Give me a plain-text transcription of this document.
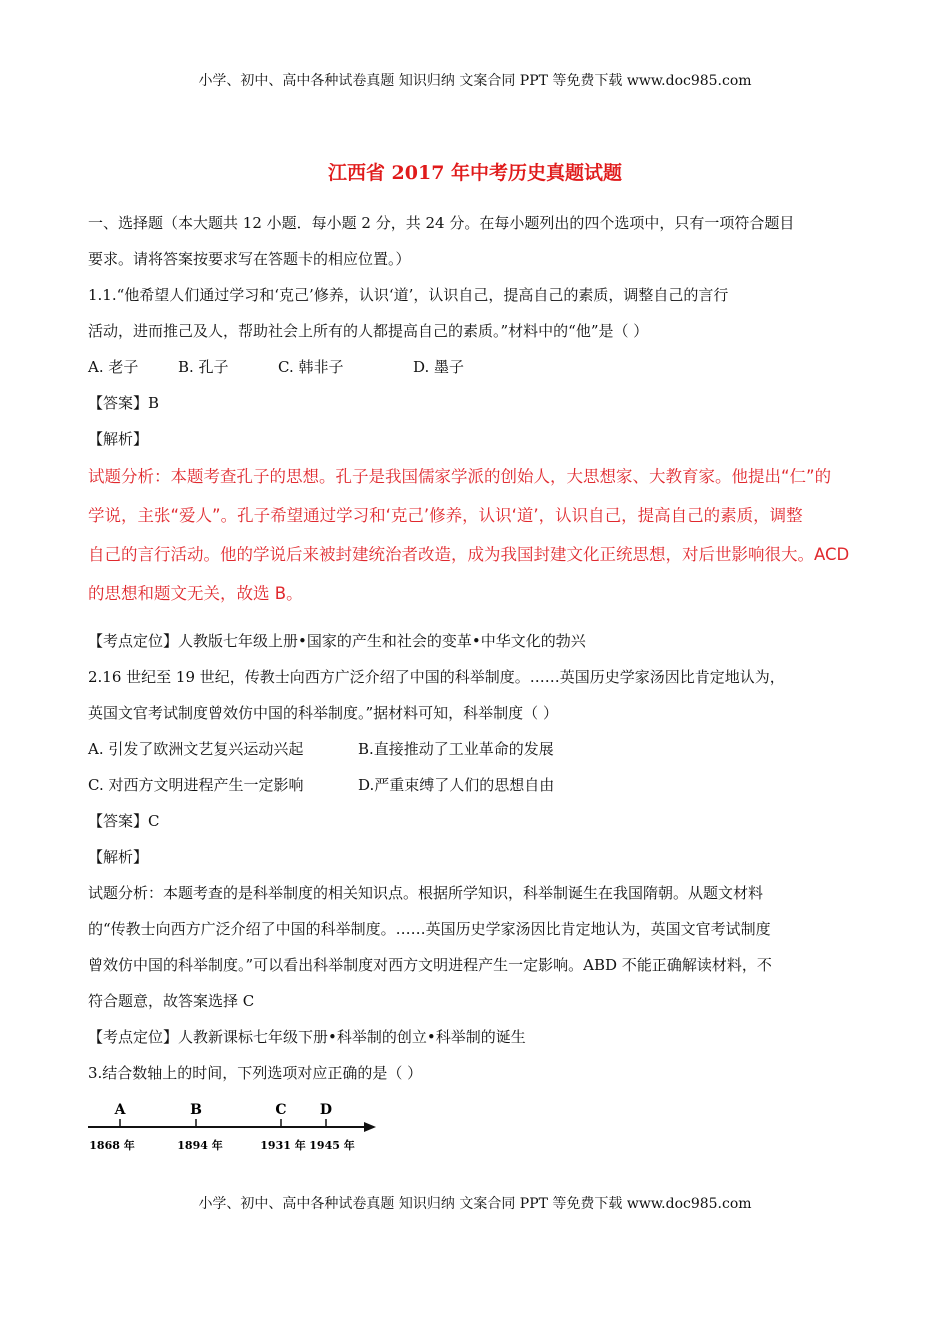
小学、初中、高中各种试卷真题 知识归纳 文案合同 PPT 等免费下载 www.doc985.com
江西省 2017 年中考历史真题试题
一、选择题（本大题共 12 小题．每小题 2 分，共 24 分。在每小题列出的四个选项中，只有一项符合题目
要求。请将答案按要求写在答题卡的相应位置。）
1.1.“他希望人们通过学习和‘克己’修养，认识‘道’，认识自己，提高自己的素质，调整自己的言行
活动，进而推己及人，帮助社会上所有的人都提高自己的素质。”材料中的“他”是（ ）
A. 老子	B. 孔子	C. 韩非子	D. 墨子
【答案】B
【解析】
试题分析：本题考查孔子的思想。孔子是我国儒家学派的创始人，大思想家、大教育家。他提出“仁”的
学说，主张“爱人”。孔子希望通过学习和‘克己’修养，认识‘道’，认识自己，提高自己的素质，调整
自己的言行活动。他的学说后来被封建统治者改造，成为我国封建文化正统思想，对后世影响很大。ACD
的思想和题文无关，故选 B。
【考点定位】人教版七年级上册•国家的产生和社会的变革•中华文化的勃兴
2.16 世纪至 19 世纪，传教士向西方广泛介绍了中国的科举制度。……英国历史学家汤因比肯定地认为，
英国文官考试制度曾效仿中国的科举制度。”据材料可知，科举制度（ ）
A. 引发了欧洲文艺复兴运动兴起	B.直接推动了工业革命的发展
C. 对西方文明进程产生一定影响	D.严重束缚了人们的思想自由
【答案】C
【解析】
试题分析：本题考查的是科举制度的相关知识点。根据所学知识，科举制诞生在我国隋朝。从题文材料
的“传教士向西方广泛介绍了中国的科举制度。……英国历史学家汤因比肯定地认为，英国文官考试制度
曾效仿中国的科举制度。”可以看出科举制度对西方文明进程产生一定影响。ABD 不能正确解读材料，不
符合题意，故答案选择 C
【考点定位】人教新课标七年级下册•科举制的创立•科举制的诞生
3.结合数轴上的时间，下列选项对应正确的是（ ）
A	B	C D
1868 年	1894 年	1931 年 1945 年
小学、初中、高中各种试卷真题 知识归纳 文案合同 PPT 等免费下载 www.doc985.com
